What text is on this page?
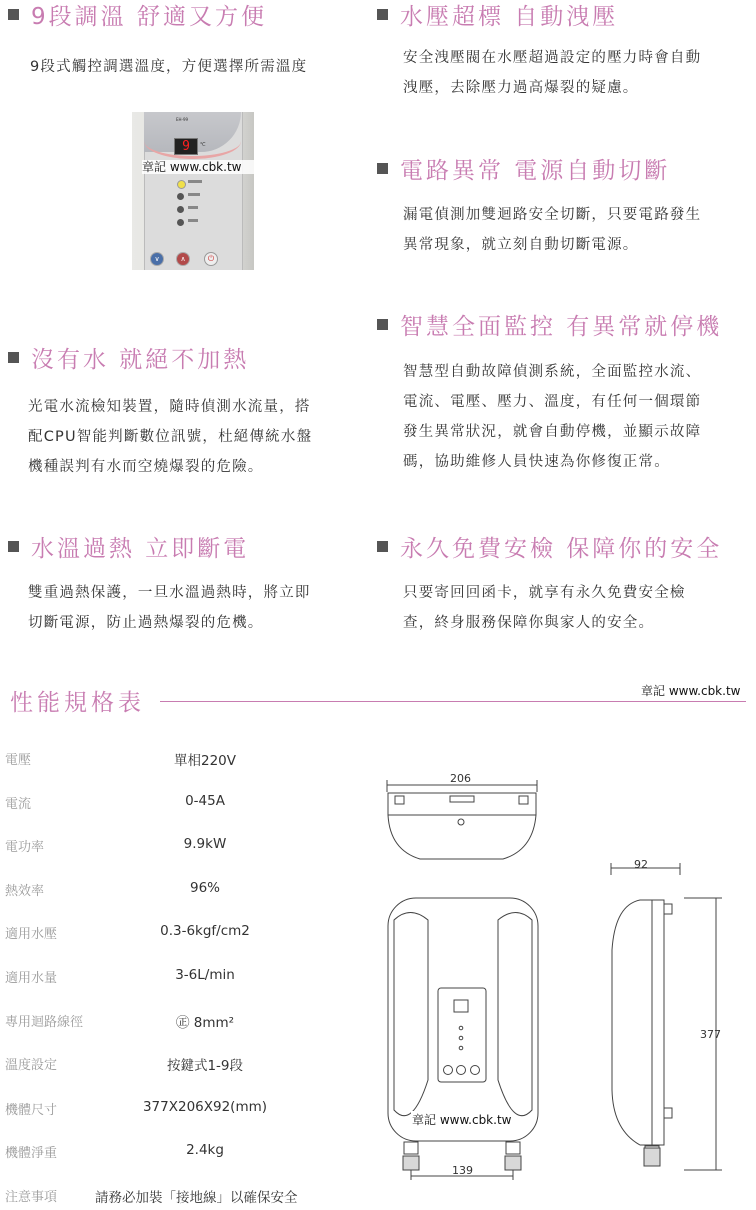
9段調溫 舒適又方便
9段式觸控調選溫度，方便選擇所需溫度
EH-99
9	℃
∨	∧	⏻
章記 www.cbk.tw
水壓超標 自動洩壓
安全洩壓閥在水壓超過設定的壓力時會自動
洩壓，去除壓力過高爆裂的疑慮。
電路異常 電源自動切斷
漏電偵測加雙迴路安全切斷，只要電路發生
異常現象，就立刻自動切斷電源。
智慧全面監控 有異常就停機
智慧型自動故障偵測系統，全面監控水流、
電流、電壓、壓力、溫度，有任何一個環節
發生異常狀況，就會自動停機，並顯示故障
碼，協助維修人員快速為你修復正常。
沒有水 就絕不加熱
光電水流檢知裝置，隨時偵測水流量，搭
配CPU智能判斷數位訊號，杜絕傳統水盤
機種誤判有水而空燒爆裂的危險。
水溫過熱 立即斷電
雙重過熱保護，一旦水溫過熱時，將立即
切斷電源，防止過熱爆裂的危機。
永久免費安檢 保障你的安全
只要寄回回函卡，就享有永久免費安全檢
查，終身服務保障你與家人的安全。
性能規格表	章記 www.cbk.tw
電壓	單相220V
電流	0-45A
電功率	9.9kW
熱效率	96%
適用水壓	0.3-6kgf/cm2
適用水量	3-6L/min
專用迴路線徑	㊣ 8mm²
溫度設定	按鍵式1-9段
機體尺寸	377X206X92(mm)
機體淨重	2.4kg
注意事項	請務必加裝「接地線」以確保安全
206
92
377
139
章記 www.cbk.tw
